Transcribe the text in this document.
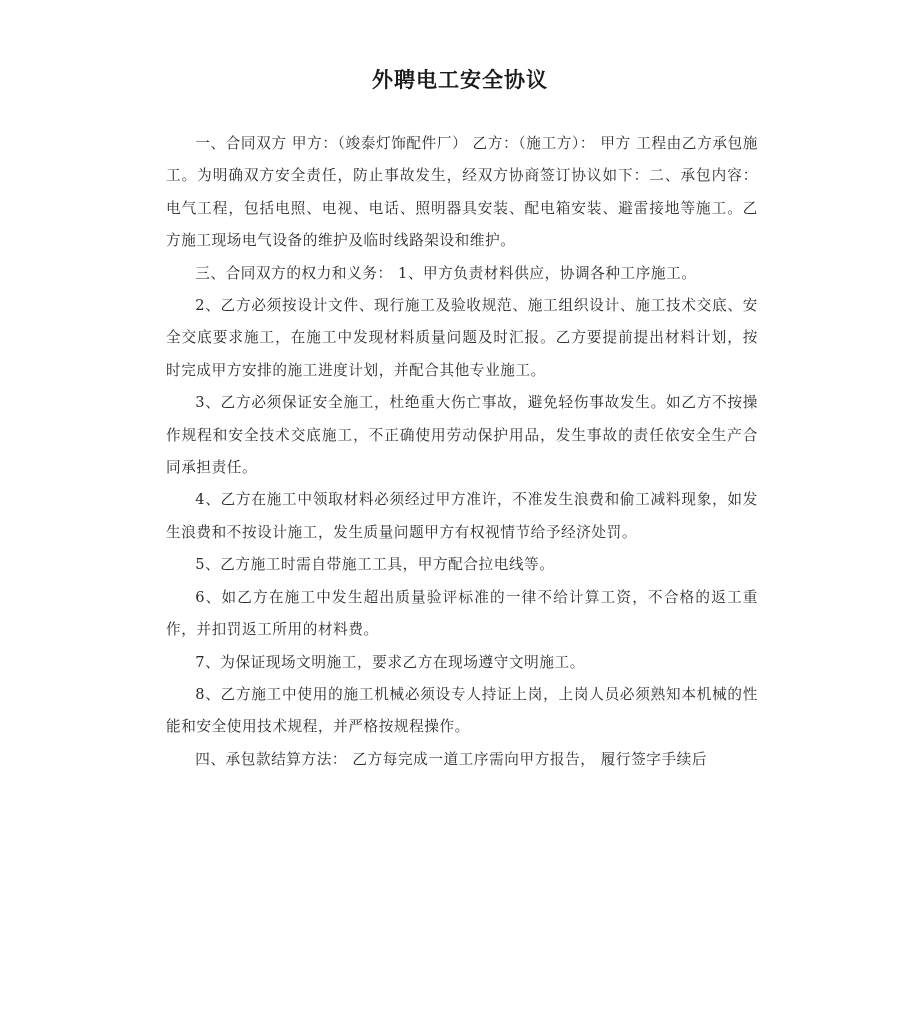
外聘电工安全协议

一、合同双方 甲方：（竣泰灯饰配件厂） 乙方：（施工方）： 甲方 工程由乙方承包施工。为明确双方安全责任，防止事故发生，经双方协商签订协议如下：二、承包内容： 电气工程，包括电照、电视、电话、照明器具安装、配电箱安装、避雷接地等施工。乙方施工现场电气设备的维护及临时线路架设和维护。

三、合同双方的权力和义务： 1、甲方负责材料供应，协调各种工序施工。

2、乙方必须按设计文件、现行施工及验收规范、施工组织设计、施工技术交底、安全交底要求施工，在施工中发现材料质量问题及时汇报。乙方要提前提出材料计划，按时完成甲方安排的施工进度计划，并配合其他专业施工。

3、乙方必须保证安全施工，杜绝重大伤亡事故，避免轻伤事故发生。如乙方不按操作规程和安全技术交底施工，不正确使用劳动保护用品，发生事故的责任依安全生产合同承担责任。

4、乙方在施工中领取材料必须经过甲方准许，不准发生浪费和偷工减料现象，如发生浪费和不按设计施工，发生质量问题甲方有权视情节给予经济处罚。

5、乙方施工时需自带施工工具，甲方配合拉电线等。

6、如乙方在施工中发生超出质量验评标准的一律不给计算工资，不合格的返工重作，并扣罚返工所用的材料费。

7、为保证现场文明施工，要求乙方在现场遵守文明施工。

8、乙方施工中使用的施工机械必须设专人持证上岗，上岗人员必须熟知本机械的性能和安全使用技术规程，并严格按规程操作。

四、承包款结算方法： 乙方每完成一道工序需向甲方报告， 履行签字手续后
